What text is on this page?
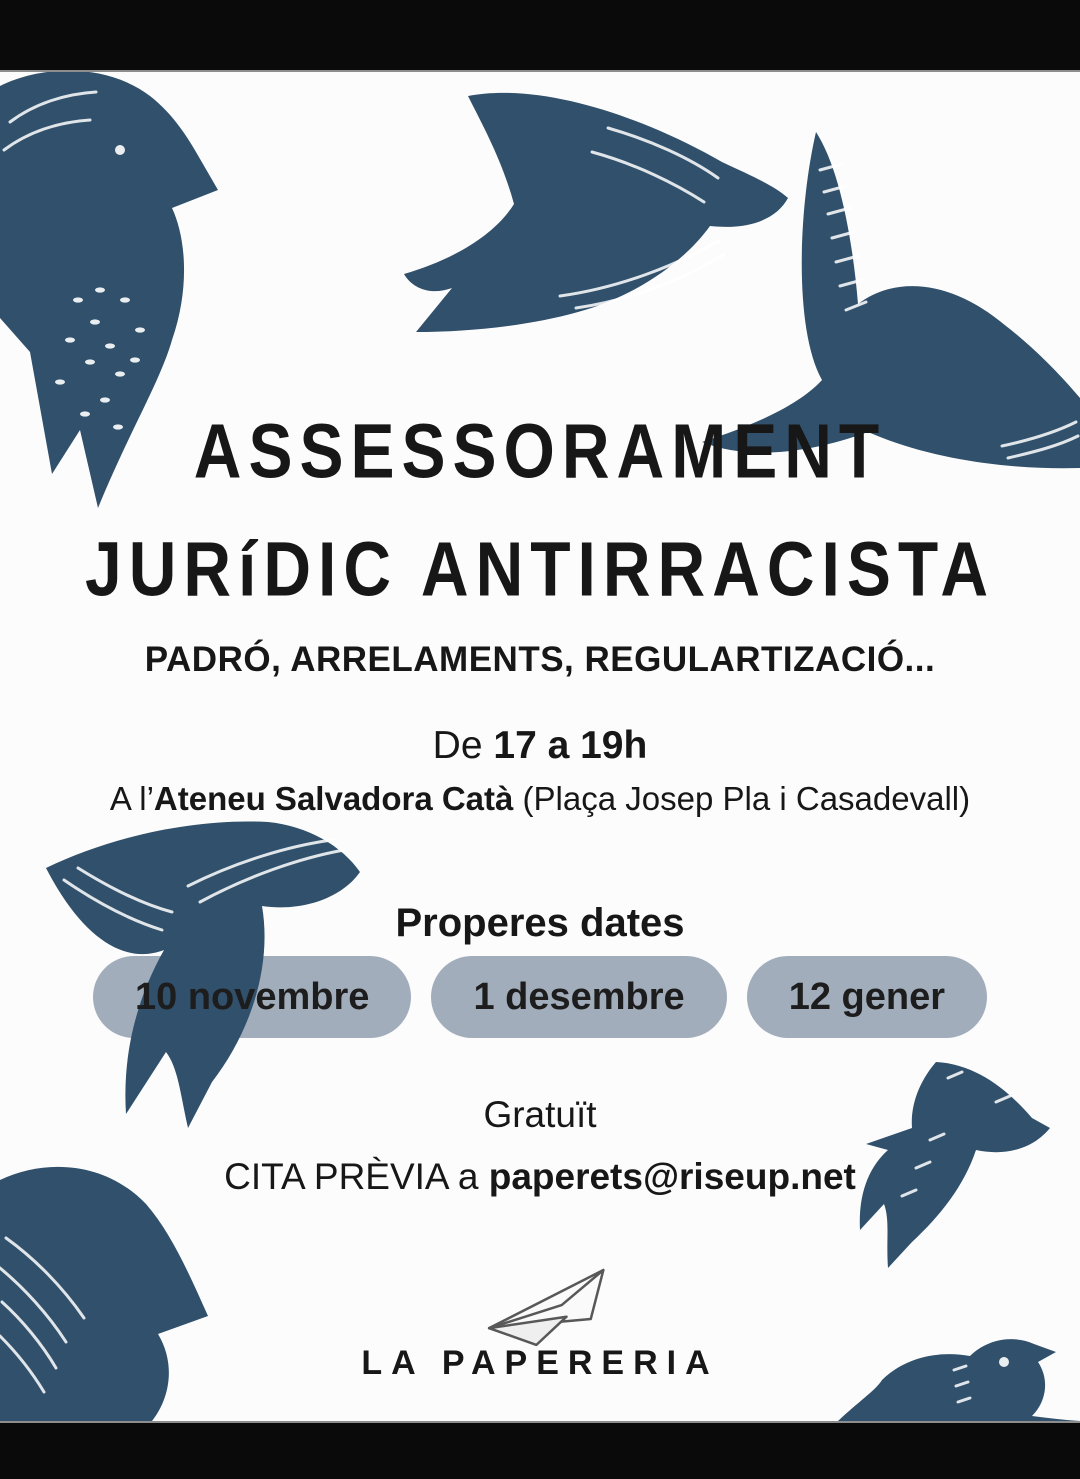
10 novembre	1 desembre	12 gener
ASSESSORAMENT
JURíDIC ANTIRRACISTA
PADRÓ, ARRELAMENTS, REGULARTIZACIÓ...
De 17 a 19h
A l’Ateneu Salvadora Catà (Plaça Josep Pla i Casadevall)
Properes dates
Gratuït
CITA PRÈVIA a paperets@riseup.net
LA PAPERERIA
